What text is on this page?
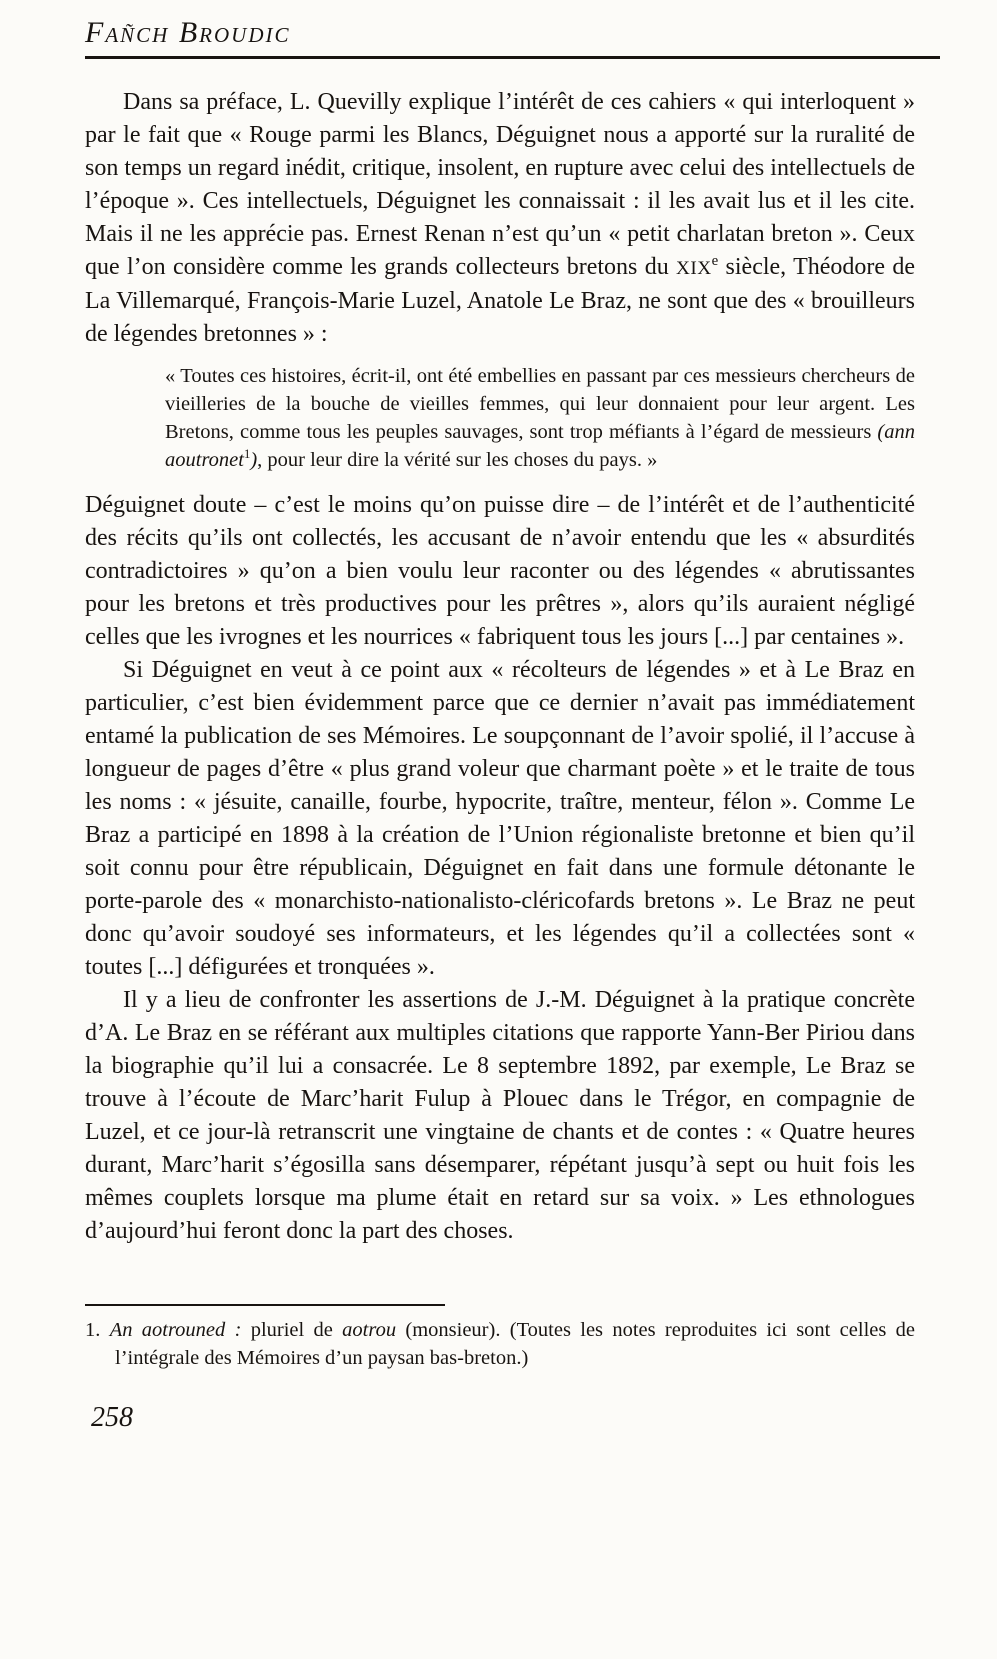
Fañch Broudic

Dans sa préface, L. Quevilly explique l’intérêt de ces cahiers « qui interloquent » par le fait que « Rouge parmi les Blancs, Déguignet nous a apporté sur la ruralité de son temps un regard inédit, critique, insolent, en rupture avec celui des intellectuels de l’époque ». Ces intellectuels, Déguignet les connaissait : il les avait lus et il les cite. Mais il ne les apprécie pas. Ernest Renan n’est qu’un « petit charlatan breton ». Ceux que l’on considère comme les grands collecteurs bretons du XIXe siècle, Théodore de La Villemarqué, François-Marie Luzel, Anatole Le Braz, ne sont que des « brouilleurs de légendes bretonnes » :

« Toutes ces histoires, écrit-il, ont été embellies en passant par ces messieurs chercheurs de vieilleries de la bouche de vieilles femmes, qui leur donnaient pour leur argent. Les Bretons, comme tous les peuples sauvages, sont trop méfiants à l’égard de messieurs (ann aoutronet$^1$), pour leur dire la vérité sur les choses du pays. »

Déguignet doute – c’est le moins qu’on puisse dire – de l’intérêt et de l’authenticité des récits qu’ils ont collectés, les accusant de n’avoir entendu que les « absurdités contradictoires » qu’on a bien voulu leur raconter ou des légendes « abrutissantes pour les bretons et très productives pour les prêtres », alors qu’ils auraient négligé celles que les ivrognes et les nourrices « fabriquent tous les jours [...] par centaines ».

Si Déguignet en veut à ce point aux « récolteurs de légendes » et à Le Braz en particulier, c’est bien évidemment parce que ce dernier n’avait pas immédiatement entamé la publication de ses Mémoires. Le soupçonnant de l’avoir spolié, il l’accuse à longueur de pages d’être « plus grand voleur que charmant poète » et le traite de tous les noms : « jésuite, canaille, fourbe, hypocrite, traître, menteur, félon ». Comme Le Braz a participé en 1898 à la création de l’Union régionaliste bretonne et bien qu’il soit connu pour être républicain, Déguignet en fait dans une formule détonante le porte-parole des « monarchisto-nationalisto-cléricofards bretons ». Le Braz ne peut donc qu’avoir soudoyé ses informateurs, et les légendes qu’il a collectées sont « toutes [...] défigurées et tronquées ».

Il y a lieu de confronter les assertions de J.-M. Déguignet à la pratique concrète d’A. Le Braz en se référant aux multiples citations que rapporte Yann-Ber Piriou dans la biographie qu’il lui a consacrée. Le 8 septembre 1892, par exemple, Le Braz se trouve à l’écoute de Marc’harit Fulup à Plouec dans le Trégor, en compagnie de Luzel, et ce jour-là retranscrit une vingtaine de chants et de contes : « Quatre heures durant, Marc’harit s’égosilla sans désemparer, répétant jusqu’à sept ou huit fois les mêmes couplets lorsque ma plume était en retard sur sa voix. » Les ethnologues d’aujourd’hui feront donc la part des choses.

1. An aotrouned : pluriel de aotrou (monsieur). (Toutes les notes reproduites ici sont celles de l’intégrale des Mémoires d’un paysan bas-breton.)

258
